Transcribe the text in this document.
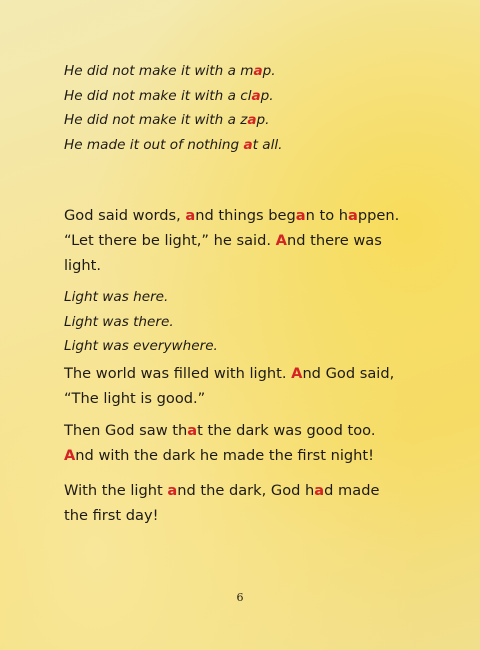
He did not make it with a map.
He did not make it with a clap.
He did not make it with a zap.
He made it out of nothing at all.
God said words, and things began to happen.
“Let there be light,” he said. And there was
light.
Light was here.
Light was there.
Light was everywhere.
The world was filled with light. And God said,
“The light is good.”
Then God saw that the dark was good too.
And with the dark he made the first night!
With the light and the dark, God had made
the first day!
6
